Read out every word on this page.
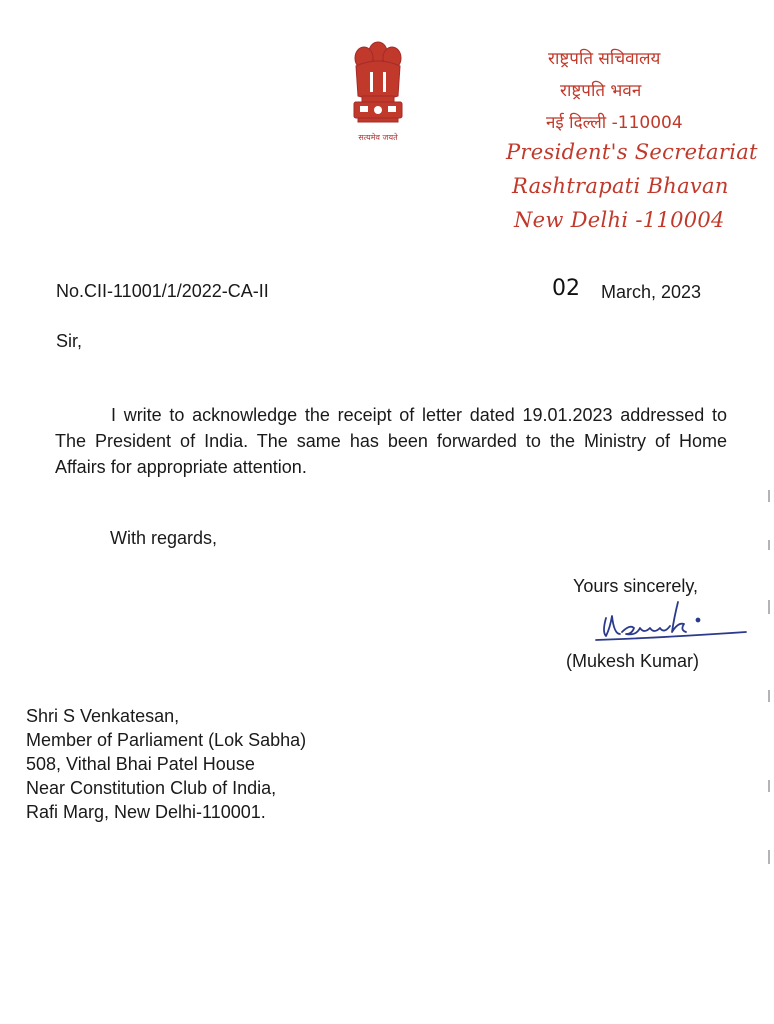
सत्यमेव जयते
राष्ट्रपति सचिवालय
राष्ट्रपति भवन
नई दिल्ली -110004
President's Secretariat
Rashtrapati Bhavan
New Delhi -110004
No.CII-11001/1/2022-CA-II	02 March, 2023
Sir,
I write to acknowledge the receipt of letter dated 19.01.2023 addressed to The President of India. The same has been forwarded to the Ministry of Home Affairs for appropriate attention.
With regards,
Yours sincerely,
(Mukesh Kumar)
Shri S Venkatesan,
Member of Parliament (Lok Sabha)
508, Vithal Bhai Patel House
Near Constitution Club of India,
Rafi Marg, New Delhi-110001.
